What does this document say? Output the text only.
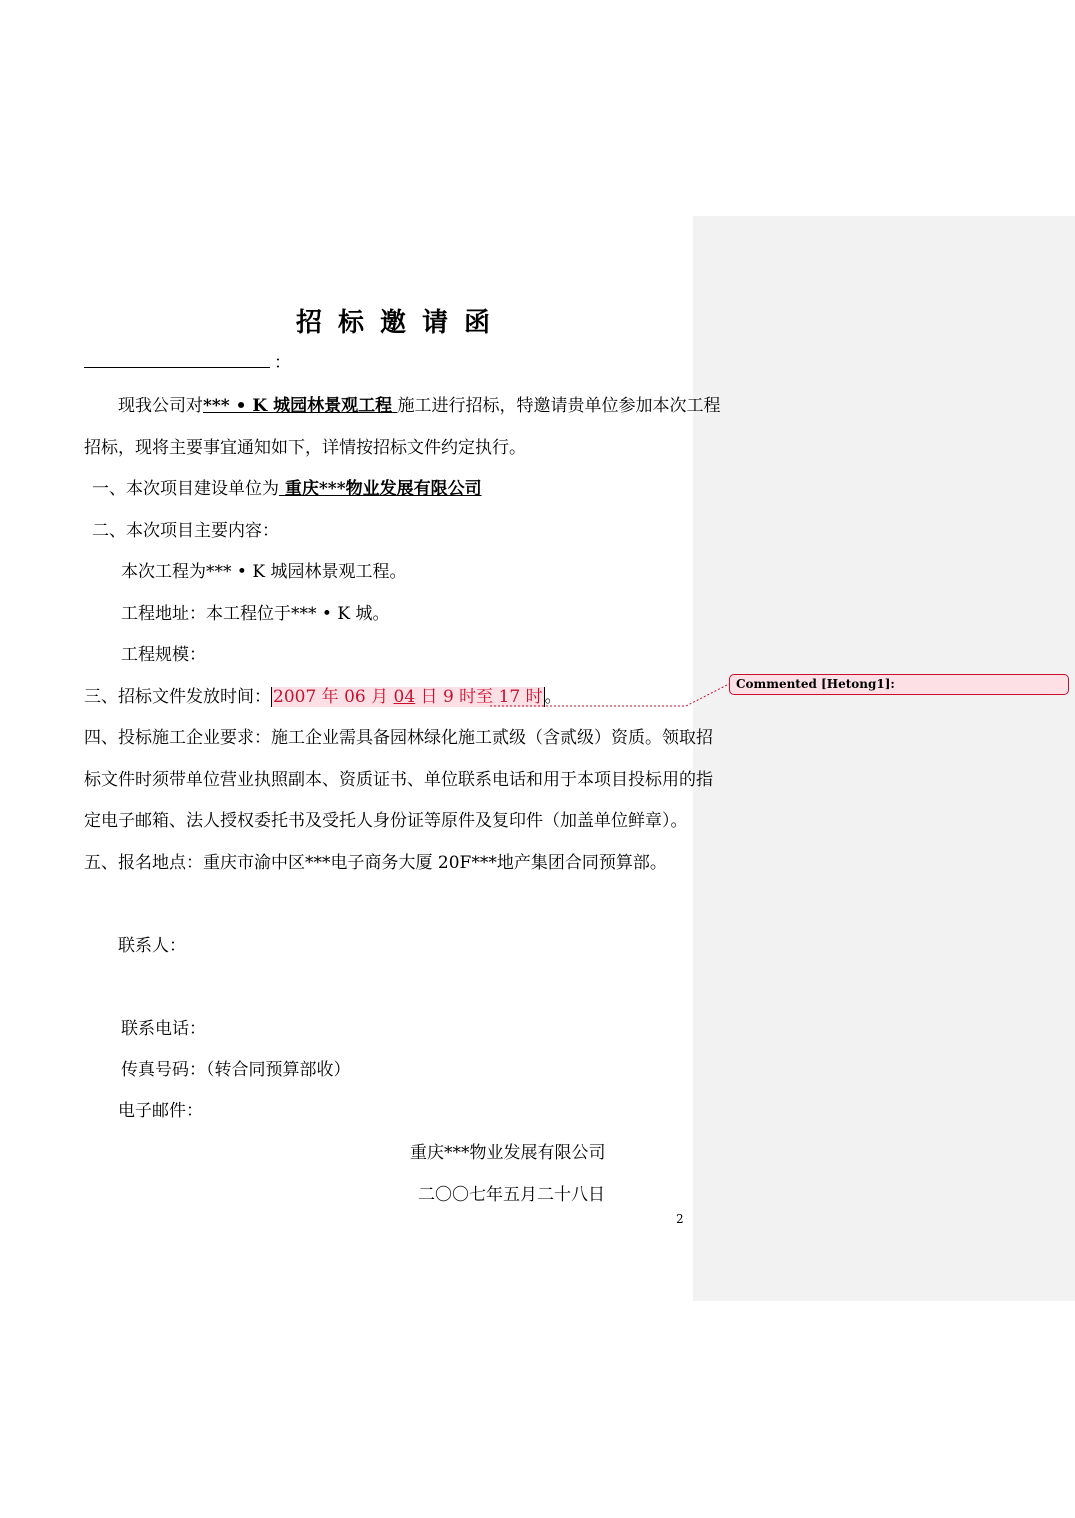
招标邀请函
：
现我公司对*** • K 城园林景观工程 施工进行招标，特邀请贵单位参加本次工程
招标，现将主要事宜通知如下，详情按招标文件约定执行。
一、本次项目建设单位为 重庆***物业发展有限公司
二、本次项目主要内容：
本次工程为*** • K 城园林景观工程。
工程地址：本工程位于*** • K 城。
工程规模：
三、招标文件发放时间： 2007 年 06 月 04 日 9 时至 17 时 。
四、投标施工企业要求：施工企业需具备园林绿化施工贰级（含贰级）资质。领取招
标文件时须带单位营业执照副本、资质证书、单位联系电话和用于本项目投标用的指
定电子邮箱、法人授权委托书及受托人身份证等原件及复印件（加盖单位鲜章）。
五、报名地点：重庆市渝中区***电子商务大厦 20F***地产集团合同预算部。
联系人：
联系电话：
传真号码：（转合同预算部收）
电子邮件：
重庆***物业发展有限公司
二〇〇七年五月二十八日
2
Commented [Hetong1]:
